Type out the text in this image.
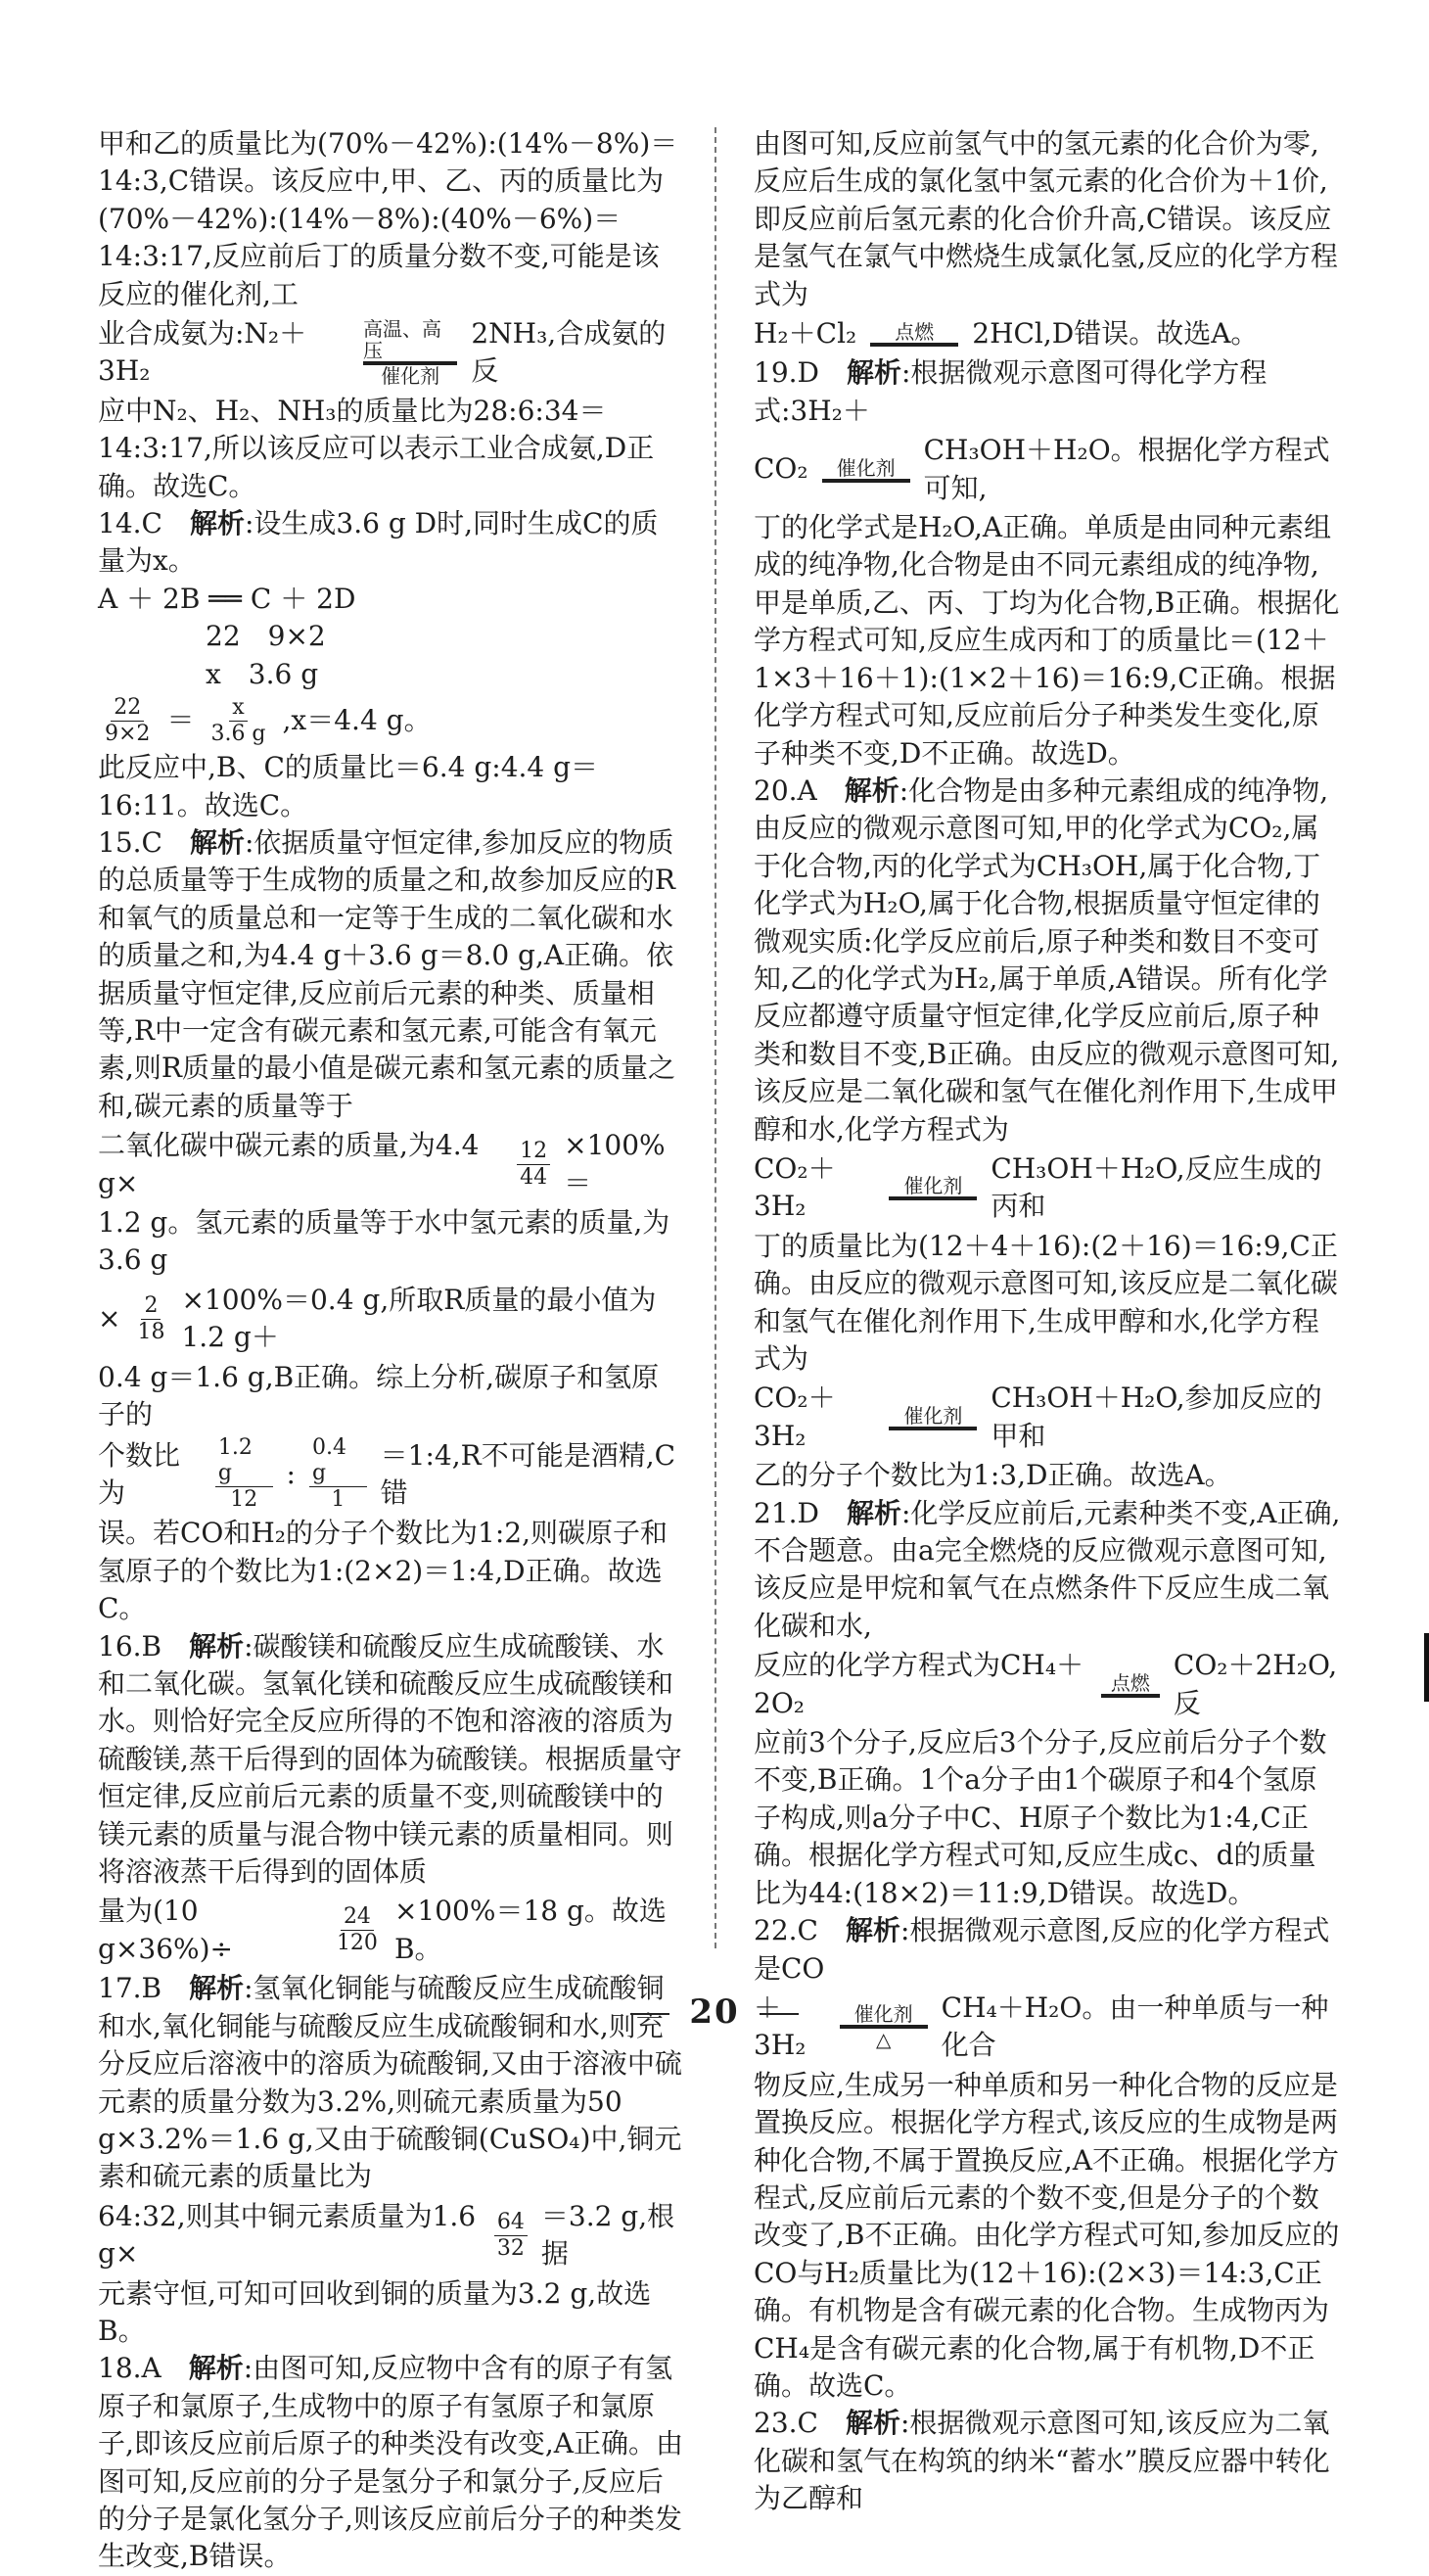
甲和乙的质量比为(70%－42%):(14%－8%)＝14:3,C错误。该反应中,甲、乙、丙的质量比为(70%－42%):(14%－8%):(40%－6%)＝14:3:17,反应前后丁的质量分数不变,可能是该反应的催化剂,工

业合成氨为:N₂＋3H₂
高温、高压
催化剂
2NH₃,合成氨的反

应中N₂、H₂、NH₃的质量比为28:6:34＝14:3:17,所以该反应可以表示工业合成氨,D正确。故选C。

14.C　解析:设生成3.6 g D时,同时生成C的质量为x。

A ＋ 2B ══ C ＋ 2D

22　9×2

x　3.6 g

$\frac{22}{9\times 2} = \frac{x}{3.6 g} ,x=4.4$ g。

此反应中,B、C的质量比＝6.4 g:4.4 g＝16:11。故选C。

15.C　解析:依据质量守恒定律,参加反应的物质的总质量等于生成物的质量之和,故参加反应的R和氧气的质量总和一定等于生成的二氧化碳和水的质量之和,为4.4 g＋3.6 g＝8.0 g,A正确。依据质量守恒定律,反应前后元素的种类、质量相等,R中一定含有碳元素和氢元素,可能含有氧元素,则R质量的最小值是碳元素和氢元素的质量之和,碳元素的质量等于

二氧化碳中碳元素的质量,为4.4 g×	$\frac{12}{44} \times 100\%=$

1.2 g。氢元素的质量等于水中氢元素的质量,为3.6 g

× $\frac{2}{18} \times 100\%=0.4$ g,所取R质量的最小值为1.2 g＋

0.4 g＝1.6 g,B正确。综上分析,碳原子和氢原子的

个数比为	$\frac{1.2 g}{12}$ : $\frac{0.4 g}{1}$ ＝1:4,R不可能是酒精,C错

误。若CO和H₂的分子个数比为1:2,则碳原子和氢原子的个数比为1:(2×2)＝1:4,D正确。故选C。

16.B　解析:碳酸镁和硫酸反应生成硫酸镁、水和二氧化碳。氢氧化镁和硫酸反应生成硫酸镁和水。则恰好完全反应所得的不饱和溶液的溶质为硫酸镁,蒸干后得到的固体为硫酸镁。根据质量守恒定律,反应前后元素的质量不变,则硫酸镁中的镁元素的质量与混合物中镁元素的质量相同。则将溶液蒸干后得到的固体质

量为(10 g×36%)÷	$\frac{24}{120} \times 100\%=18$ g。故选B。

17.B　解析:氢氧化铜能与硫酸反应生成硫酸铜和水,氧化铜能与硫酸反应生成硫酸铜和水,则充分反应后溶液中的溶质为硫酸铜,又由于溶液中硫元素的质量分数为3.2%,则硫元素质量为50 g×3.2%＝1.6 g,又由于硫酸铜(CuSO₄)中,铜元素和硫元素的质量比为

64:32,则其中铜元素质量为1.6 g×	$\frac{64}{32} =3.2$ g,根据

元素守恒,可知可回收到铜的质量为3.2 g,故选B。

18.A　解析:由图可知,反应物中含有的原子有氢原子和氯原子,生成物中的原子有氢原子和氯原子,即该反应前后原子的种类没有改变,A正确。由图可知,反应前的分子是氢分子和氯分子,反应后的分子是氯化氢分子,则该反应前后分子的种类发生改变,B错误。

由图可知,反应前氢气中的氢元素的化合价为零,反应后生成的氯化氢中氢元素的化合价为＋1价,即反应前后氢元素的化合价升高,C错误。该反应是氢气在氯气中燃烧生成氯化氢,反应的化学方程式为

H₂＋Cl₂ 点燃 2HCl,D错误。故选A。

19.D　解析:根据微观示意图可得化学方程式:3H₂＋

CO₂ 催化剂
CH₃OH＋H₂O。根据化学方程式可知,

丁的化学式是H₂O,A正确。单质是由同种元素组成的纯净物,化合物是由不同元素组成的纯净物,甲是单质,乙、丙、丁均为化合物,B正确。根据化学方程式可知,反应生成丙和丁的质量比＝(12＋1×3＋16＋1):(1×2＋16)＝16:9,C正确。根据化学方程式可知,反应前后分子种类发生变化,原子种类不变,D不正确。故选D。

20.A　解析:化合物是由多种元素组成的纯净物,由反应的微观示意图可知,甲的化学式为CO₂,属于化合物,丙的化学式为CH₃OH,属于化合物,丁化学式为H₂O,属于化合物,根据质量守恒定律的微观实质:化学反应前后,原子种类和数目不变可知,乙的化学式为H₂,属于单质,A错误。所有化学反应都遵守质量守恒定律,化学反应前后,原子种类和数目不变,B正确。由反应的微观示意图可知,该反应是二氧化碳和氢气在催化剂作用下,生成甲醇和水,化学方程式为

CO₂＋3H₂
催化剂
CH₃OH＋H₂O,反应生成的丙和

丁的质量比为(12＋4＋16):(2＋16)＝16:9,C正确。由反应的微观示意图可知,该反应是二氧化碳和氢气在催化剂作用下,生成甲醇和水,化学方程式为

CO₂＋3H₂
催化剂
CH₃OH＋H₂O,参加反应的甲和

乙的分子个数比为1:3,D正确。故选A。

21.D　解析:化学反应前后,元素种类不变,A正确,不合题意。由a完全燃烧的反应微观示意图可知,该反应是甲烷和氧气在点燃条件下反应生成二氧化碳和水,

反应的化学方程式为CH₄＋2O₂
点燃
CO₂＋2H₂O,反

应前3个分子,反应后3个分子,反应前后分子个数不变,B正确。1个a分子由1个碳原子和4个氢原子构成,则a分子中C、H原子个数比为1:4,C正确。根据化学方程式可知,反应生成c、d的质量比为44:(18×2)＝11:9,D错误。故选D。

22.C　解析:根据微观示意图,反应的化学方程式是CO

＋3H₂
催化剂
△
CH₄＋H₂O。由一种单质与一种化合

物反应,生成另一种单质和另一种化合物的反应是置换反应。根据化学方程式,该反应的生成物是两种化合物,不属于置换反应,A不正确。根据化学方程式,反应前后元素的个数不变,但是分子的个数改变了,B不正确。由化学方程式可知,参加反应的CO与H₂质量比为(12＋16):(2×3)＝14:3,C正确。有机物是含有碳元素的化合物。生成物丙为CH₄是含有碳元素的化合物,属于有机物,D不正确。故选C。

23.C　解析:根据微观示意图可知,该反应为二氧化碳和氢气在构筑的纳米“蓄水”膜反应器中转化为乙醇和

20
